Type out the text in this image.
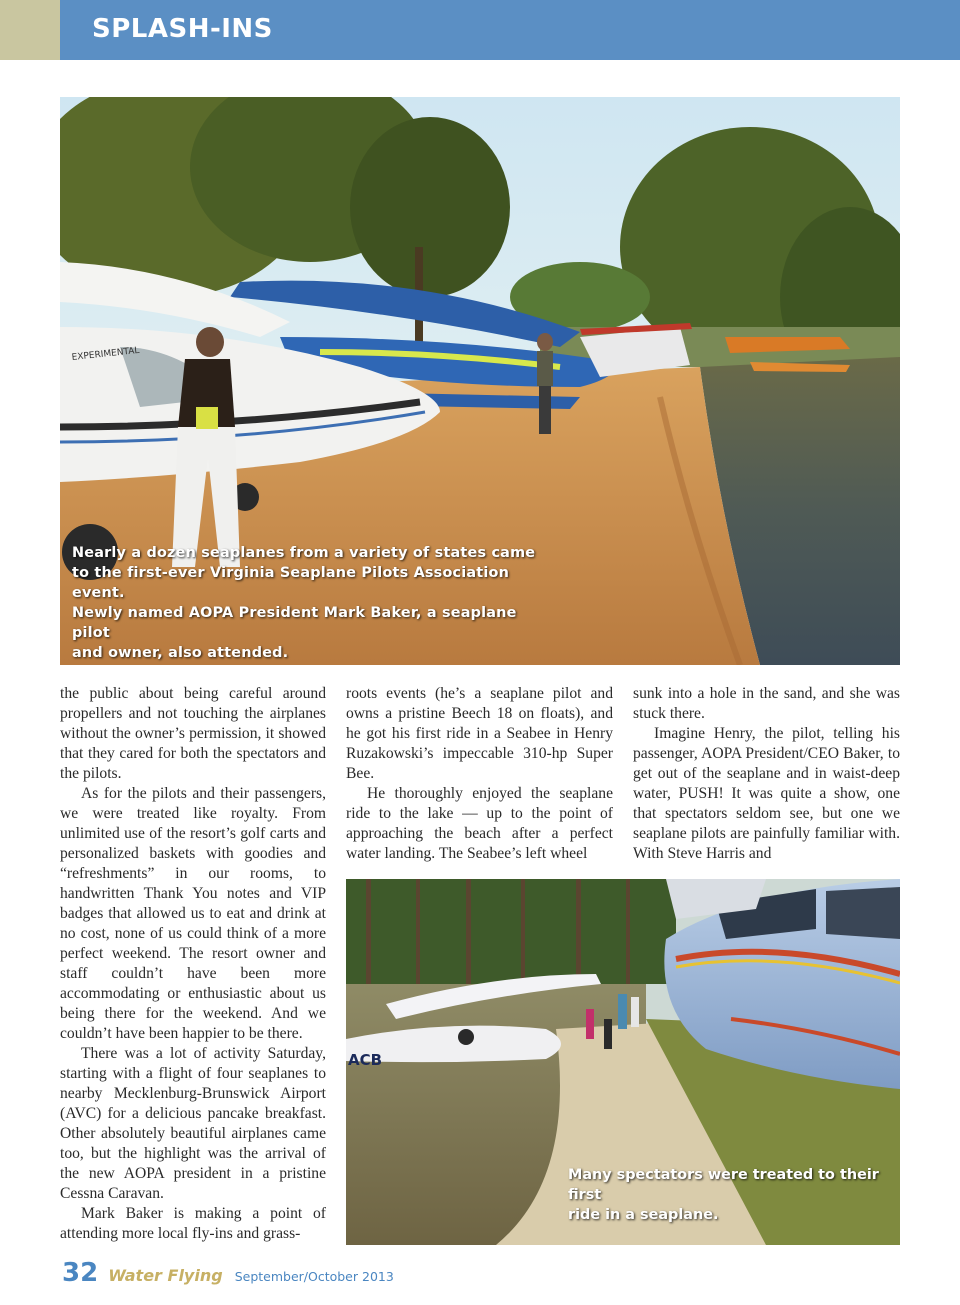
SPLASH-INS
EXPERIMENTAL
Nearly a dozen seaplanes from a variety of states came
to the first-ever Virginia Seaplane Pilots Association event.
Newly named AOPA President Mark Baker, a seaplane pilot
and owner, also attended.

the public about being careful around propellers and not touching the airplanes without the owner’s permission, it showed that they cared for both the spectators and the pilots.

As for the pilots and their passengers, we were treated like royalty. From unlimited use of the resort’s golf carts and personalized baskets with goodies and “refreshments” in our rooms, to handwritten Thank You notes and VIP badges that allowed us to eat and drink at no cost, none of us could think of a more perfect weekend. The resort owner and staff couldn’t have been more accommodating or enthusiastic about us being there for the weekend. And we couldn’t have been happier to be there.

There was a lot of activity Saturday, starting with a flight of four seaplanes to nearby Mecklenburg-Brunswick Airport (AVC) for a delicious pancake breakfast. Other absolutely beautiful airplanes came too, but the highlight was the arrival of the new AOPA president in a pristine Cessna Caravan.

Mark Baker is making a point of attending more local fly-ins and grass-

roots events (he’s a seaplane pilot and owns a pristine Beech 18 on floats), and he got his first ride in a Seabee in Henry Ruzakowski’s impeccable 310-hp Super Bee.

He thoroughly enjoyed the seaplane ride to the lake — up to the point of approaching the beach after a perfect water landing. The Seabee’s left wheel

sunk into a hole in the sand, and she was stuck there.

Imagine Henry, the pilot, telling his passenger, AOPA President/CEO Baker, to get out of the seaplane and in waist-deep water, PUSH! It was quite a show, one that spectators seldom see, but one we seaplane pilots are painfully familiar with. With Steve Harris and

ACB
Many spectators were treated to their first
ride in a seaplane.
32 Water Flying September/October 2013
